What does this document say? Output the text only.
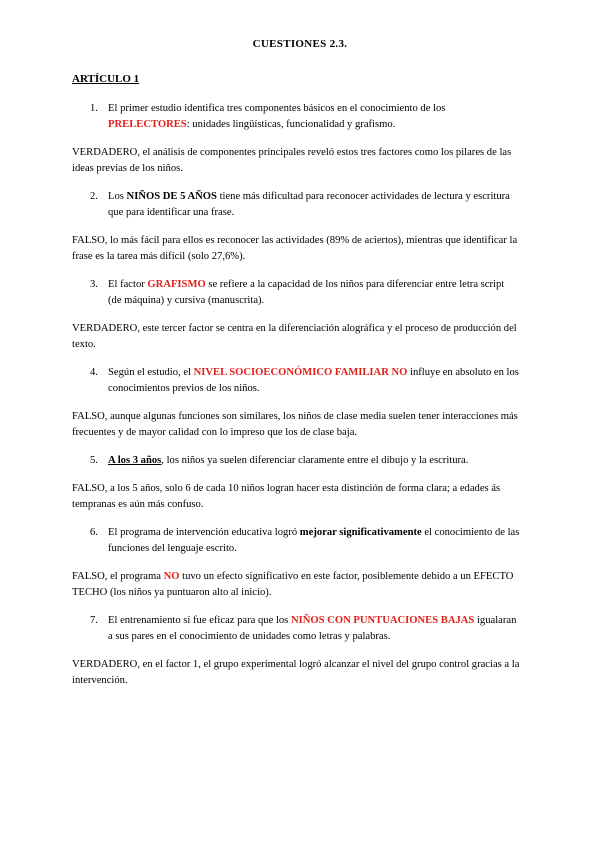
CUESTIONES 2.3.
ARTÍCULO 1
1. El primer estudio identifica tres componentes básicos en el conocimiento de los PRELECTORES: unidades lingüísticas, funcionalidad y grafismo.
VERDADERO, el análisis de componentes principales reveló estos tres factores como los pilares de las ideas previas de los niños.
2. Los NIÑOS DE 5 AÑOS tiene más dificultad para reconocer actividades de lectura y escritura que para identificar una frase.
FALSO, lo más fácil para ellos es reconocer las actividades (89% de aciertos), mientras que identificar la frase es la tarea más difícil (solo 27,6%).
3. El factor GRAFISMO se refiere a la capacidad de los niños para diferenciar entre letra script (de máquina) y cursiva (manuscrita).
VERDADERO, este tercer factor se centra en la diferenciación alográfica y el proceso de producción del texto.
4. Según el estudio, el NIVEL SOCIOECONÓMICO FAMILIAR NO influye en absoluto en los conocimientos previos de los niños.
FALSO, aunque algunas funciones son similares, los niños de clase media suelen tener interacciones más frecuentes y de mayor calidad con lo impreso que los de clase baja.
5. A los 3 años, los niños ya suelen diferenciar claramente entre el dibujo y la escritura.
FALSO, a los 5 años, solo 6 de cada 10 niños logran hacer esta distinción de forma clara; a edades ás tempranas es aún más confuso.
6. El programa de intervención educativa logró mejorar significativamente el conocimiento de las funciones del lenguaje escrito.
FALSO, el programa NO tuvo un efecto significativo en este factor, posiblemente debido a un EFECTO TECHO (los niños ya puntuaron alto al inicio).
7. El entrenamiento sí fue eficaz para que los NIÑOS CON PUNTUACIONES BAJAS igualaran a sus pares en el conocimiento de unidades como letras y palabras.
VERDADERO, en el factor 1, el grupo experimental logró alcanzar el nivel del grupo control gracias a la intervención.
